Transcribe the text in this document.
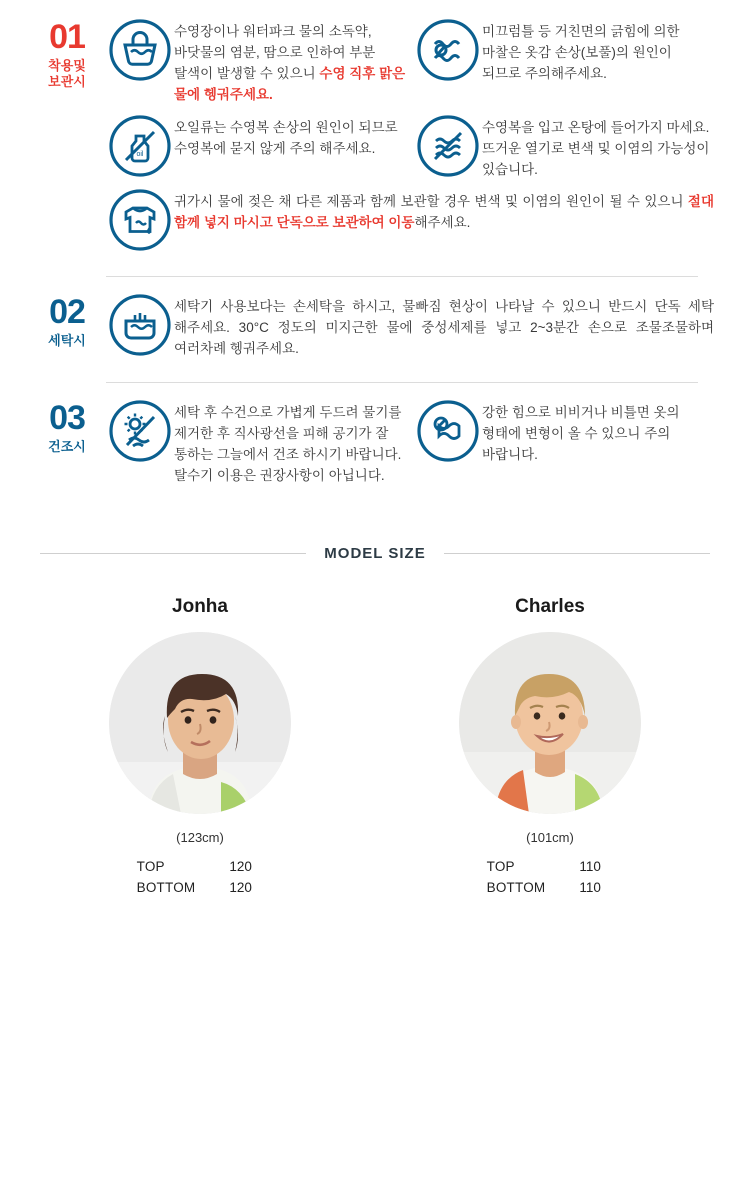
01
착용및
보관시
수영장이나 워터파크 물의 소독약, 바닷물의 염분, 땀으로 인하여 부분 탈색이 발생할 수 있으니 수영 직후 맑은 물에 헹궈주세요.
미끄럼틀 등 거친면의 긁힘에 의한 마찰은 옷감 손상(보풀)의 원인이 되므로 주의해주세요.
oil
오일류는 수영복 손상의 원인이 되므로 수영복에 묻지 않게 주의 해주세요.
수영복을 입고 온탕에 들어가지 마세요. 뜨거운 열기로 변색 및 이염의 가능성이 있습니다.
귀가시 물에 젖은 채 다른 제품과 함께 보관할 경우 변색 및 이염의 원인이 될 수 있으니 절대 함께 넣지 마시고 단독으로 보관하여 이동해주세요.
02
세탁시
세탁기 사용보다는 손세탁을 하시고, 물빠짐 현상이 나타날 수 있으니 반드시 단독 세탁 해주세요. 30°C 정도의 미지근한 물에 중성세제를 넣고 2~3분간 손으로 조물조물하며 여러차례 헹궈주세요.
03
건조시
세탁 후 수건으로 가볍게 두드려 물기를 제거한 후 직사광선을 피해 공기가 잘 통하는 그늘에서 건조 하시기 바랍니다. 탈수기 이용은 권장사항이 아닙니다.
강한 힘으로 비비거나 비틀면 옷의 형태에 변형이 올 수 있으니 주의 바랍니다.
MODEL SIZE
Jonha
(123cm)
TOP	120
BOTTOM	120
Charles
(101cm)
TOP	110
BOTTOM	110
